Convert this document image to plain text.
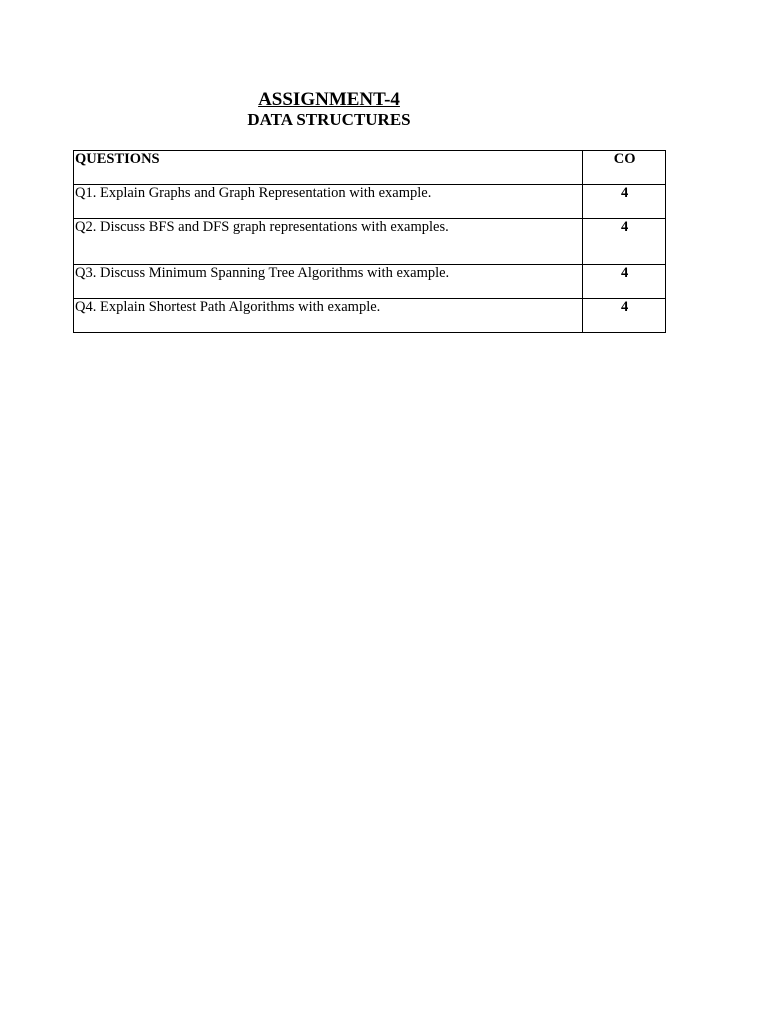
ASSIGNMENT-4
DATA STRUCTURES
QUESTIONS	CO
Q1. Explain Graphs and Graph Representation with example.	4
Q2. Discuss BFS and DFS graph representations with examples.	4
Q3. Discuss Minimum Spanning Tree Algorithms with example.	4
Q4. Explain Shortest Path Algorithms with example.	4
